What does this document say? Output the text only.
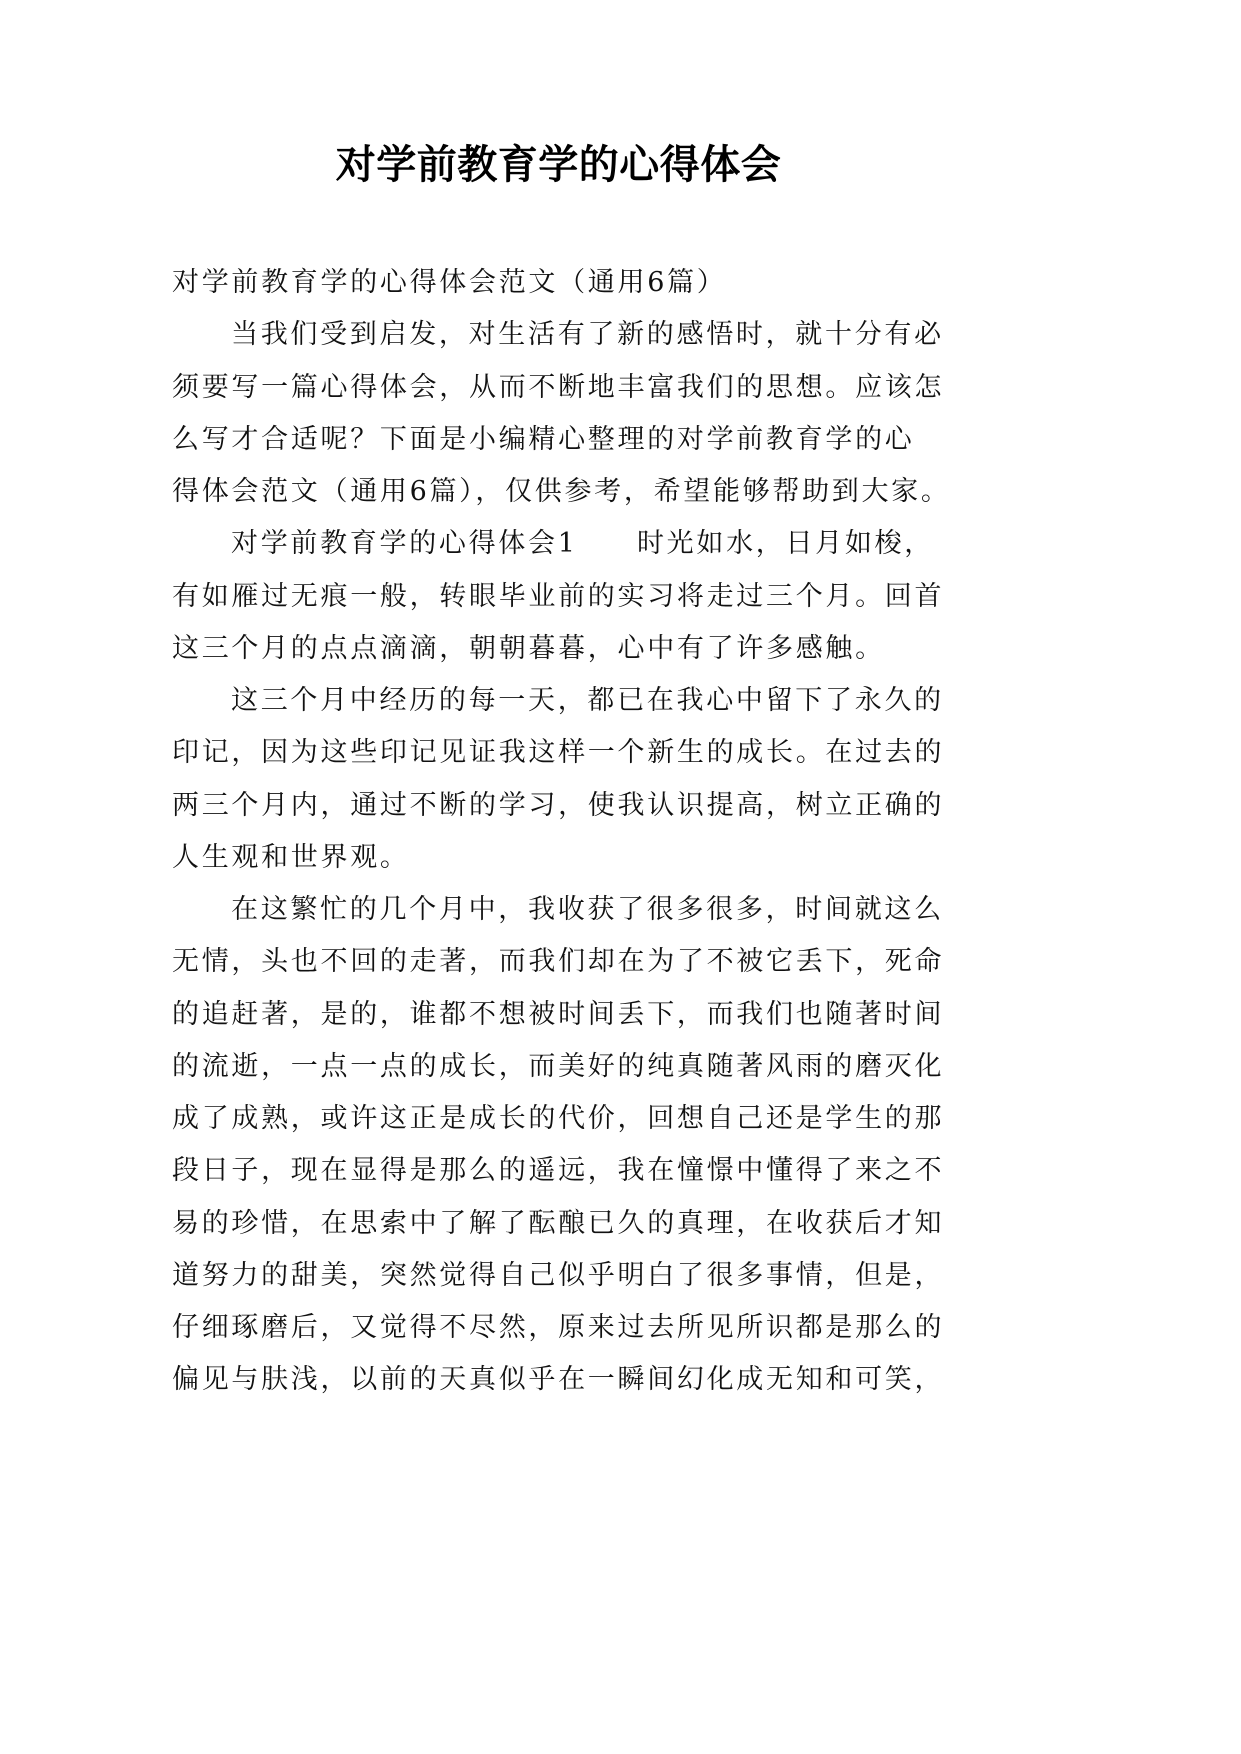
对学前教育学的心得体会
对学前教育学的心得体会范文（通用6篇）
当我们受到启发，对生活有了新的感悟时，就十分有必
须要写一篇心得体会，从而不断地丰富我们的思想。应该怎
么写才合适呢？下面是小编精心整理的对学前教育学的心
得体会范文（通用6篇），仅供参考，希望能够帮助到大家。
对学前教育学的心得体会1　　时光如水，日月如梭，
有如雁过无痕一般，转眼毕业前的实习将走过三个月。回首
这三个月的点点滴滴，朝朝暮暮，心中有了许多感触。
这三个月中经历的每一天，都已在我心中留下了永久的
印记，因为这些印记见证我这样一个新生的成长。在过去的
两三个月内，通过不断的学习，使我认识提高，树立正确的
人生观和世界观。
在这繁忙的几个月中，我收获了很多很多，时间就这么
无情，头也不回的走著，而我们却在为了不被它丢下，死命
的追赶著，是的，谁都不想被时间丢下，而我们也随著时间
的流逝，一点一点的成长，而美好的纯真随著风雨的磨灭化
成了成熟，或许这正是成长的代价，回想自己还是学生的那
段日子，现在显得是那么的遥远，我在憧憬中懂得了来之不
易的珍惜，在思索中了解了酝酿已久的真理，在收获后才知
道努力的甜美，突然觉得自己似乎明白了很多事情，但是，
仔细琢磨后，又觉得不尽然，原来过去所见所识都是那么的
偏见与肤浅，以前的天真似乎在一瞬间幻化成无知和可笑，
